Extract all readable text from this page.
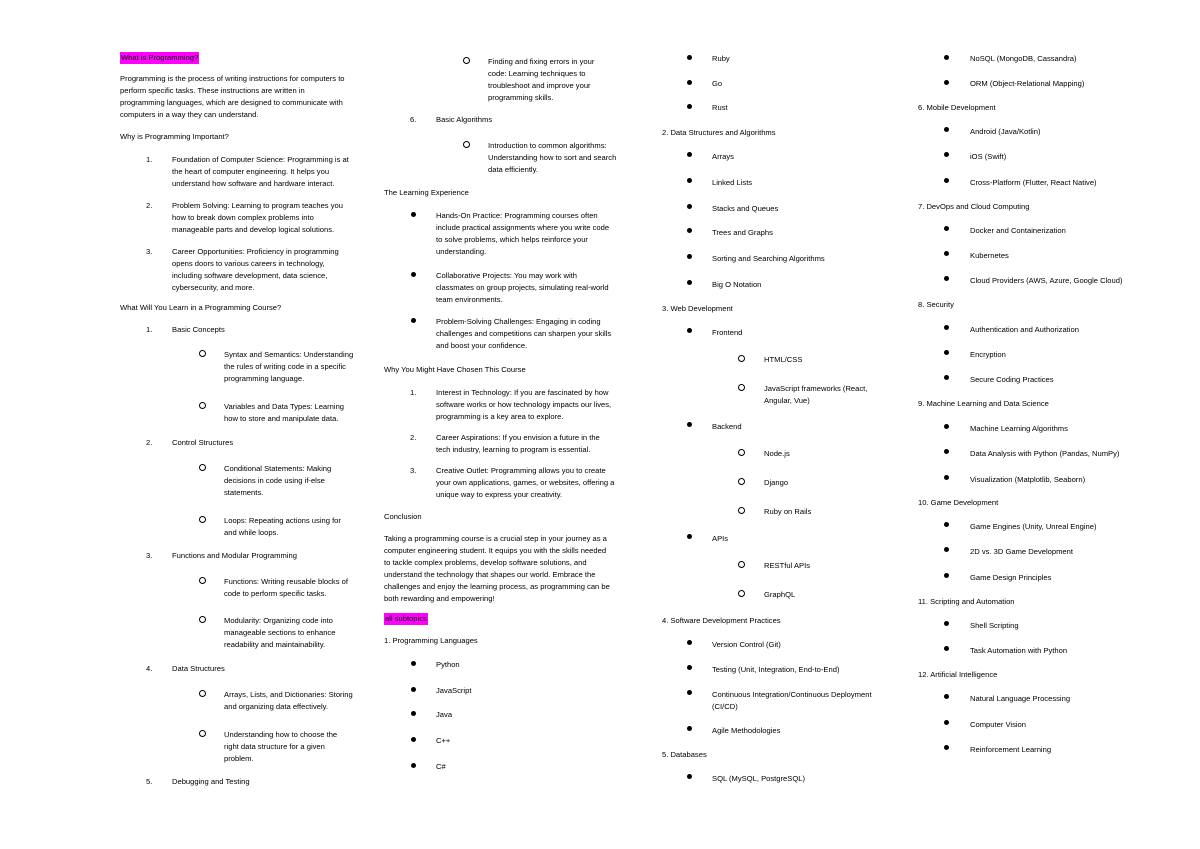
What is Programming?
Programming is the process of writing instructions for computers to
perform specific tasks. These instructions are written in
programming languages, which are designed to communicate with
computers in a way they can understand.
Why is Programming Important?
1.	Foundation of Computer Science: Programming is at
the heart of computer engineering. It helps you
understand how software and hardware interact.
2.	Problem Solving: Learning to program teaches you
how to break down complex problems into
manageable parts and develop logical solutions.
3.	Career Opportunities: Proficiency in programming
opens doors to various careers in technology,
including software development, data science,
cybersecurity, and more.
What Will You Learn in a Programming Course?
1.	Basic Concepts
Syntax and Semantics: Understanding
the rules of writing code in a specific
programming language.
Variables and Data Types: Learning
how to store and manipulate data.
2.	Control Structures
Conditional Statements: Making
decisions in code using if-else
statements.
Loops: Repeating actions using for
and while loops.
3.	Functions and Modular Programming
Functions: Writing reusable blocks of
code to perform specific tasks.
Modularity: Organizing code into
manageable sections to enhance
readability and maintainability.
4.	Data Structures
Arrays, Lists, and Dictionaries: Storing
and organizing data effectively.
Understanding how to choose the
right data structure for a given
problem.
5.	Debugging and Testing
Finding and fixing errors in your
code: Learning techniques to
troubleshoot and improve your
programming skills.
6.	Basic Algorithms
Introduction to common algorithms:
Understanding how to sort and search
data efficiently.
The Learning Experience
Hands-On Practice: Programming courses often
include practical assignments where you write code
to solve problems, which helps reinforce your
understanding.
Collaborative Projects: You may work with
classmates on group projects, simulating real-world
team environments.
Problem-Solving Challenges: Engaging in coding
challenges and competitions can sharpen your skills
and boost your confidence.
Why You Might Have Chosen This Course
1.	Interest in Technology: If you are fascinated by how
software works or how technology impacts our lives,
programming is a key area to explore.
2.	Career Aspirations: If you envision a future in the
tech industry, learning to program is essential.
3.	Creative Outlet: Programming allows you to create
your own applications, games, or websites, offering a
unique way to express your creativity.
Conclusion
Taking a programming course is a crucial step in your journey as a
computer engineering student. It equips you with the skills needed
to tackle complex problems, develop software solutions, and
understand the technology that shapes our world. Embrace the
challenges and enjoy the learning process, as programming can be
both rewarding and empowering!
all subtopics
1. Programming Languages
Python
JavaScript
Java
C++
C#
Ruby
Go
Rust
2. Data Structures and Algorithms
Arrays
Linked Lists
Stacks and Queues
Trees and Graphs
Sorting and Searching Algorithms
Big O Notation
3. Web Development
Frontend
HTML/CSS
JavaScript frameworks (React,
Angular, Vue)
Backend
Node.js
Django
Ruby on Rails
APIs
RESTful APIs
GraphQL
4. Software Development Practices
Version Control (Git)
Testing (Unit, Integration, End-to-End)
Continuous Integration/Continuous Deployment
(CI/CD)
Agile Methodologies
5. Databases
SQL (MySQL, PostgreSQL)
NoSQL (MongoDB, Cassandra)
ORM (Object-Relational Mapping)
6. Mobile Development
Android (Java/Kotlin)
iOS (Swift)
Cross-Platform (Flutter, React Native)
7. DevOps and Cloud Computing
Docker and Containerization
Kubernetes
Cloud Providers (AWS, Azure, Google Cloud)
8. Security
Authentication and Authorization
Encryption
Secure Coding Practices
9. Machine Learning and Data Science
Machine Learning Algorithms
Data Analysis with Python (Pandas, NumPy)
Visualization (Matplotlib, Seaborn)
10. Game Development
Game Engines (Unity, Unreal Engine)
2D vs. 3D Game Development
Game Design Principles
11. Scripting and Automation
Shell Scripting
Task Automation with Python
12. Artificial Intelligence
Natural Language Processing
Computer Vision
Reinforcement Learning
